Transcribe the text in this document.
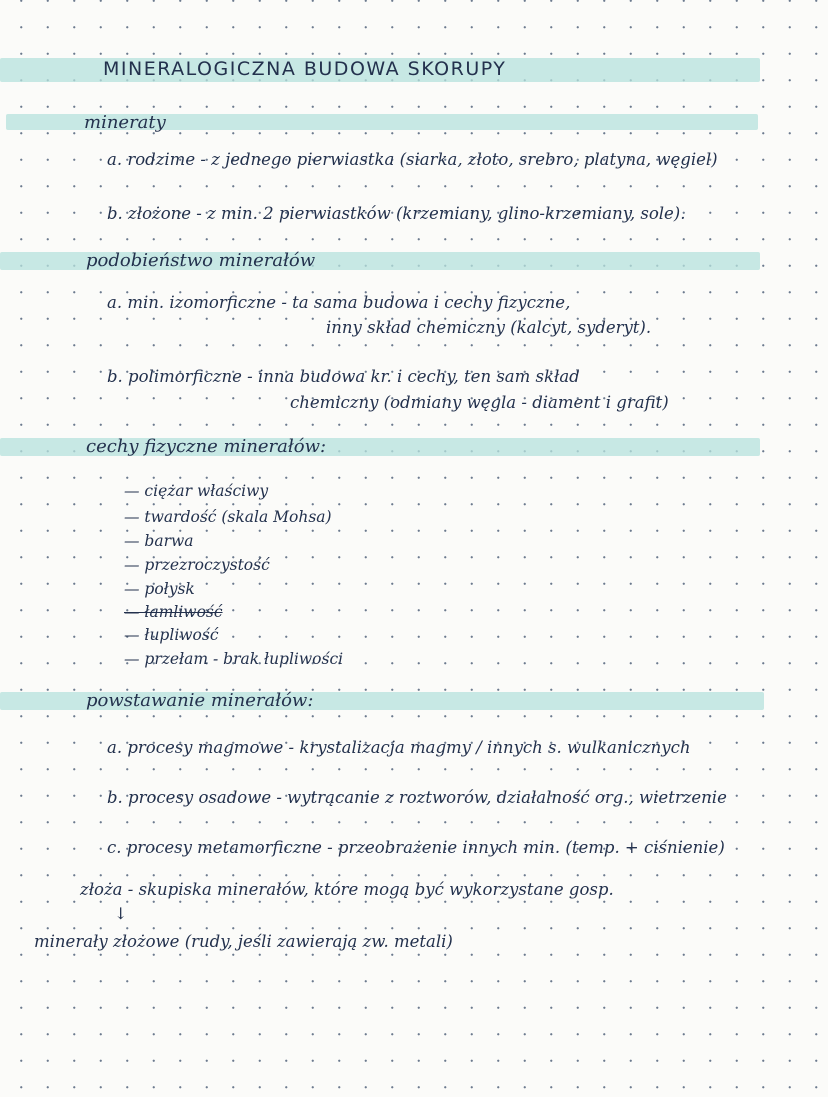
MINERALOGICZNA BUDOWA SKORUPY
mineraty
a. rodzime - z jednego pierwiastka (siarka, złoto, srebro, platyna, węgiel)
b. złożone - z min. 2 pierwiastków (krzemiany, glino-krzemiany, sole).
podobieństwo minerałów
a. min. izomorficzne - ta sama budowa i cechy fizyczne,
inny skład chemiczny (kalcyt, syderyt).
b. polimorficzne - inna budowa kr. i cechy, ten sam skład
chemiczny (odmiany węgla - diament i grafit)
cechy fizyczne minerałów:
— ciężar właściwy
— twardość (skala Mohsa)
— barwa
— przezroczystość
— połysk
— łamliwość
— łupliwość
— przełam - brak łupliwości
powstawanie minerałów:
a. procesy magmowe - krystalizacja magmy / innych s. wulkanicznych
b. procesy osadowe - wytrącanie z roztworów, działalność org., wietrzenie
c. procesy metamorficzne - przeobrażenie innych min. (temp. + ciśnienie)
złoża - skupiska minerałów, które mogą być wykorzystane gosp.
↓
minerały złożowe (rudy, jeśli zawierają zw. metali)
